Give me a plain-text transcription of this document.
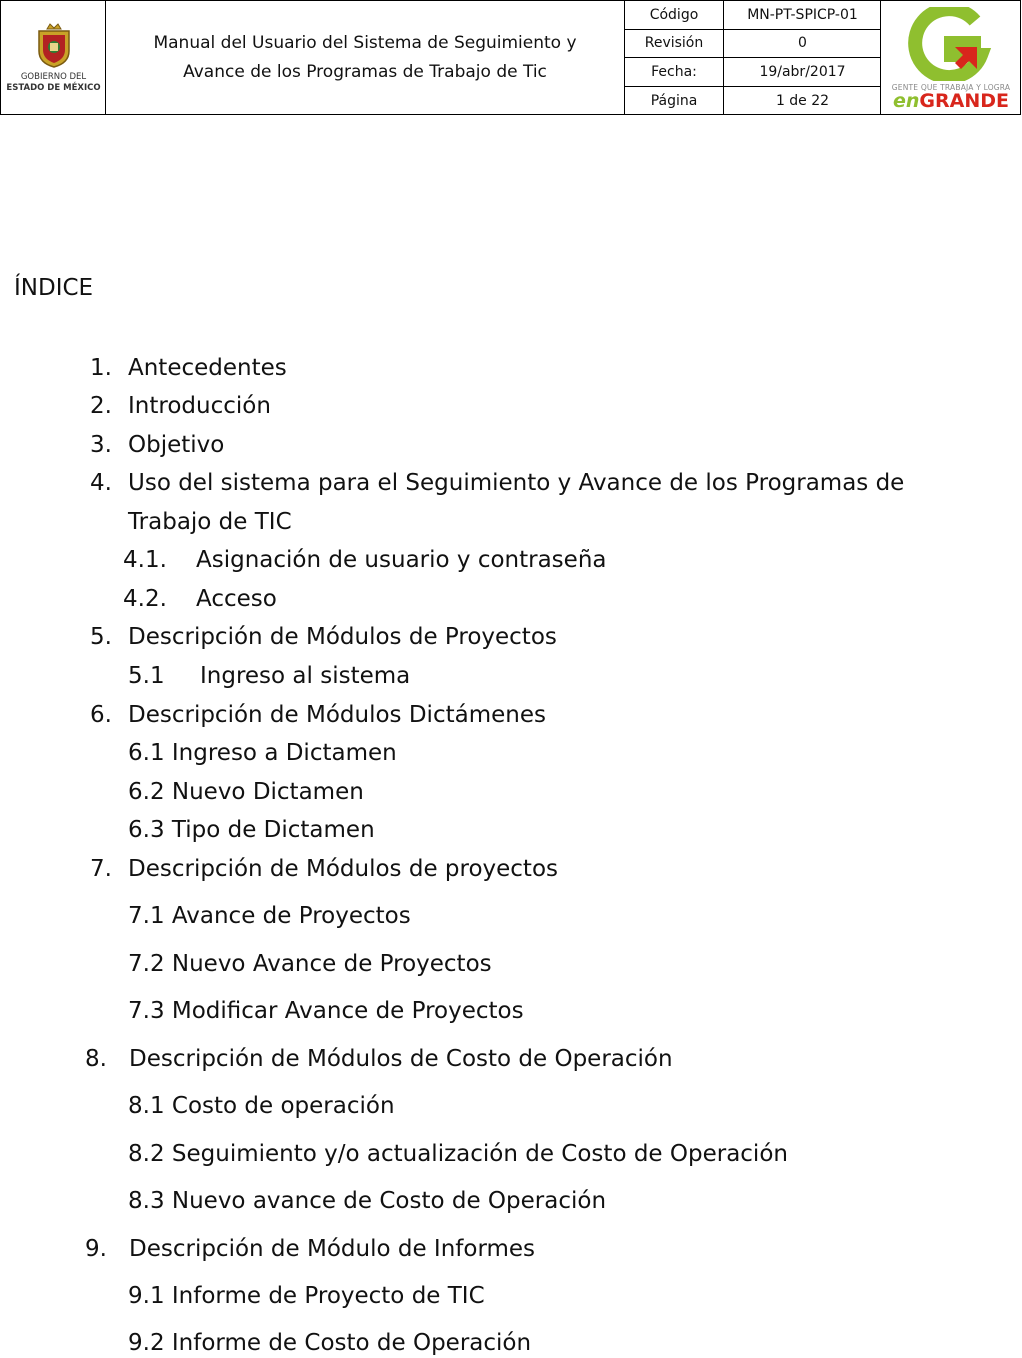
GOBIERNO DEL
ESTADO DE MÉXICO
Manual del Usuario del Sistema de Seguimiento y
Avance de los Programas de Trabajo de Tic
Código	MN-PT-SPICP-01
Revisión	0
Fecha:	19/abr/2017
Página	1 de 22
GENTE QUE TRABAJA Y LOGRA
enGRANDE
ÍNDICE
1. Antecedentes
2. Introducción
3. Objetivo
4. Uso del sistema para el Seguimiento y Avance de los Programas de
Trabajo de TIC
4.1. Asignación de usuario y contraseña
4.2. Acceso
5. Descripción de Módulos de Proyectos
5.1 Ingreso al sistema
6. Descripción de Módulos Dictámenes
6.1 Ingreso a Dictamen
6.2 Nuevo Dictamen
6.3 Tipo de Dictamen
7. Descripción de Módulos de proyectos
7.1 Avance de Proyectos
7.2 Nuevo Avance de Proyectos
7.3 Modificar Avance de Proyectos
8. Descripción de Módulos de Costo de Operación
8.1 Costo de operación
8.2 Seguimiento y/o actualización de Costo de Operación
8.3 Nuevo avance de Costo de Operación
9. Descripción de Módulo de Informes
9.1 Informe de Proyecto de TIC
9.2 Informe de Costo de Operación
